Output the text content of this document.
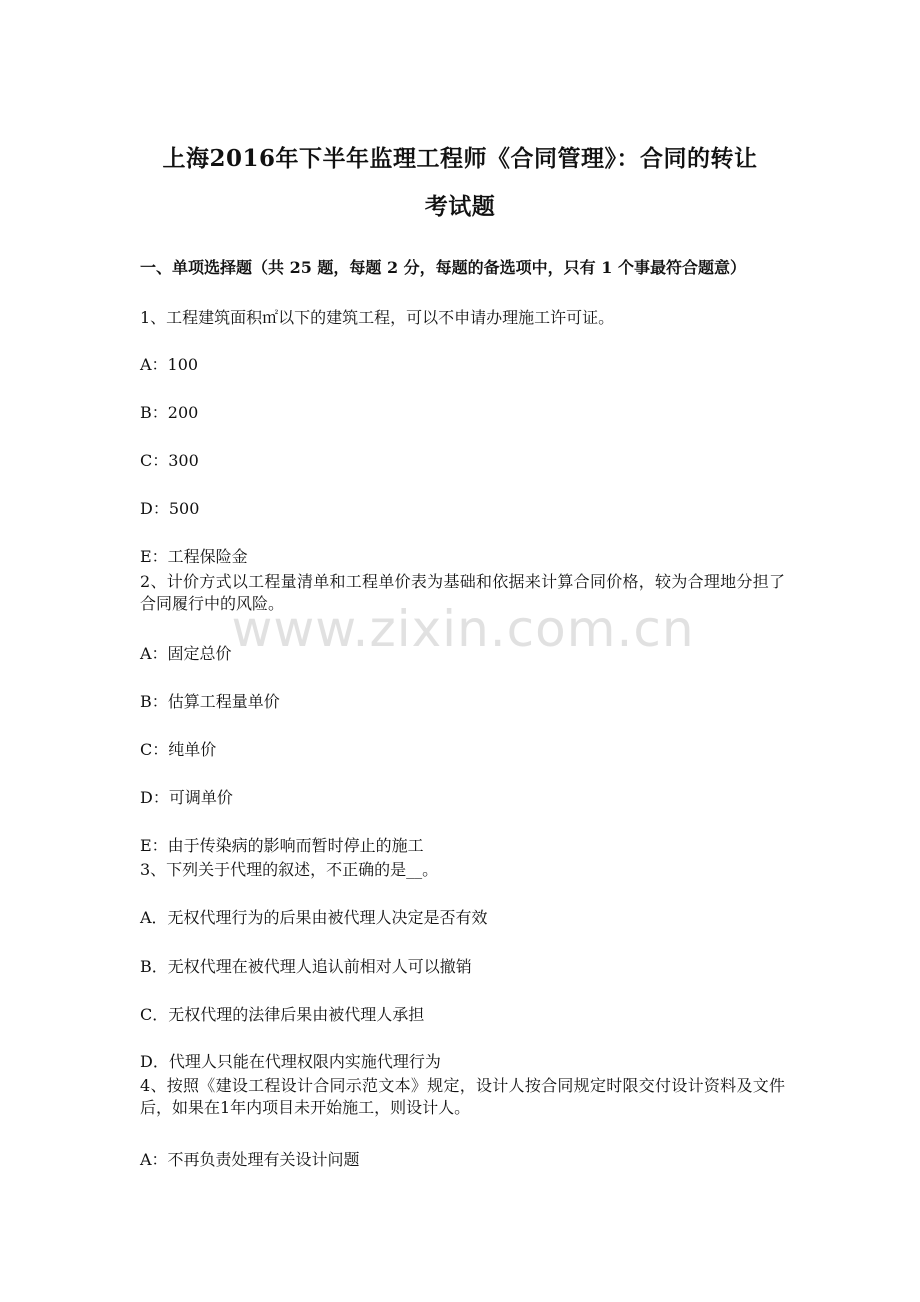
上海2016年下半年监理工程师《合同管理》：合同的转让
考试题
一、单项选择题（共 25 题，每题 2 分，每题的备选项中，只有 1 个事最符合题意）
1、工程建筑面积㎡以下的建筑工程，可以不申请办理施工许可证。
A：100
B：200
C：300
D：500
E：工程保险金
2、计价方式以工程量清单和工程单价表为基础和依据来计算合同价格，较为合理地分担了合同履行中的风险。
A：固定总价
B：估算工程量单价
C：纯单价
D：可调单价
E：由于传染病的影响而暂时停止的施工
3、下列关于代理的叙述，不正确的是__。
A．无权代理行为的后果由被代理人决定是否有效
B．无权代理在被代理人追认前相对人可以撤销
C．无权代理的法律后果由被代理人承担
D．代理人只能在代理权限内实施代理行为
4、按照《建设工程设计合同示范文本》规定，设计人按合同规定时限交付设计资料及文件后，如果在1年内项目未开始施工，则设计人。
A：不再负责处理有关设计问题
www.zixin.com.cn
